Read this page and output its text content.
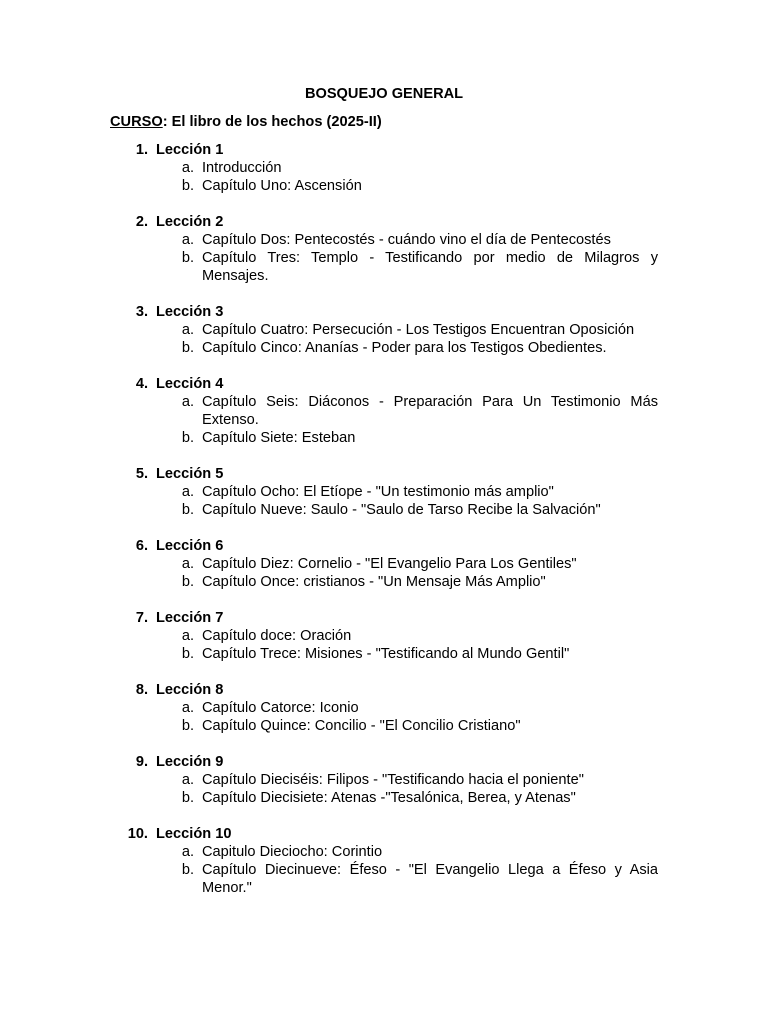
BOSQUEJO GENERAL
CURSO: El libro de los hechos (2025-II)
1. Lección 1
a. Introducción
b. Capítulo Uno: Ascensión
2. Lección 2
a. Capítulo Dos: Pentecostés - cuándo vino el día de Pentecostés
b. Capítulo Tres: Templo - Testificando por medio de Milagros y Mensajes.
3. Lección 3
a. Capítulo Cuatro: Persecución - Los Testigos Encuentran Oposición
b. Capítulo Cinco: Ananías - Poder para los Testigos Obedientes.
4. Lección 4
a. Capítulo Seis: Diáconos - Preparación Para Un Testimonio Más Extenso.
b. Capítulo Siete: Esteban
5. Lección 5
a. Capítulo Ocho: El Etíope - "Un testimonio más amplio"
b. Capítulo Nueve: Saulo - "Saulo de Tarso Recibe la Salvación"
6. Lección 6
a. Capítulo Diez: Cornelio - "El Evangelio Para Los Gentiles"
b. Capítulo Once: cristianos - "Un Mensaje Más Amplio"
7. Lección 7
a. Capítulo doce: Oración
b. Capítulo Trece: Misiones - "Testificando al Mundo Gentil"
8. Lección 8
a. Capítulo Catorce: Iconio
b. Capítulo Quince: Concilio - "El Concilio Cristiano"
9. Lección 9
a. Capítulo Dieciséis: Filipos - "Testificando hacia el poniente"
b. Capítulo Diecisiete: Atenas -"Tesalónica, Berea, y Atenas"
10. Lección 10
a. Capitulo Dieciocho: Corintio
b. Capítulo Diecinueve: Éfeso - "El Evangelio Llega a Éfeso y Asia Menor."
